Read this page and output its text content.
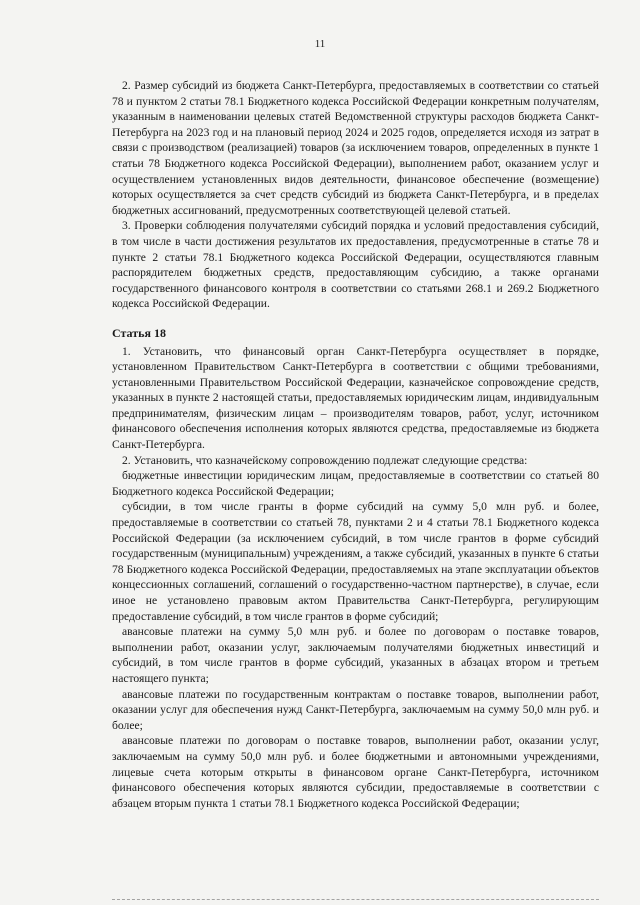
11

2. Размер субсидий из бюджета Санкт-Петербурга, предоставляемых в соответствии со статьей 78 и пунктом 2 статьи 78.1 Бюджетного кодекса Российской Федерации конкретным получателям, указанным в наименовании целевых статей Ведомственной структуры расходов бюджета Санкт-Петербурга на 2023 год и на плановый период 2024 и 2025 годов, определяется исходя из затрат в связи с производством (реализацией) товаров (за исключением товаров, определенных в пункте 1 статьи 78 Бюджетного кодекса Российской Федерации), выполнением работ, оказанием услуг и осуществлением установленных видов деятельности, финансовое обеспечение (возмещение) которых осуществляется за счет средств субсидий из бюджета Санкт-Петербурга, и в пределах бюджетных ассигнований, предусмотренных соответствующей целевой статьей.

3. Проверки соблюдения получателями субсидий порядка и условий предоставления субсидий, в том числе в части достижения результатов их предоставления, предусмотренные в статье 78 и пункте 2 статьи 78.1 Бюджетного кодекса Российской Федерации, осуществляются главным распорядителем бюджетных средств, предоставляющим субсидию, а также органами государственного финансового контроля в соответствии со статьями 268.1 и 269.2 Бюджетного кодекса Российской Федерации.

Статья 18

1. Установить, что финансовый орган Санкт-Петербурга осуществляет в порядке, установленном Правительством Санкт-Петербурга в соответствии с общими требованиями, установленными Правительством Российской Федерации, казначейское сопровождение средств, указанных в пункте 2 настоящей статьи, предоставляемых юридическим лицам, индивидуальным предпринимателям, физическим лицам – производителям товаров, работ, услуг, источником финансового обеспечения исполнения которых являются средства, предоставляемые из бюджета Санкт-Петербурга.

2. Установить, что казначейскому сопровождению подлежат следующие средства:

бюджетные инвестиции юридическим лицам, предоставляемые в соответствии со статьей 80 Бюджетного кодекса Российской Федерации;

субсидии, в том числе гранты в форме субсидий на сумму 5,0 млн руб. и более, предоставляемые в соответствии со статьей 78, пунктами 2 и 4 статьи 78.1 Бюджетного кодекса Российской Федерации (за исключением субсидий, в том числе грантов в форме субсидий государственным (муниципальным) учреждениям, а также субсидий, указанных в пункте 6 статьи 78 Бюджетного кодекса Российской Федерации, предоставляемых на этапе эксплуатации объектов концессионных соглашений, соглашений о государственно-частном партнерстве), в случае, если иное не установлено правовым актом Правительства Санкт-Петербурга, регулирующим предоставление субсидий, в том числе грантов в форме субсидий;

авансовые платежи на сумму 5,0 млн руб. и более по договорам о поставке товаров, выполнении работ, оказании услуг, заключаемым получателями бюджетных инвестиций и субсидий, в том числе грантов в форме субсидий, указанных в абзацах втором и третьем настоящего пункта;

авансовые платежи по государственным контрактам о поставке товаров, выполнении работ, оказании услуг для обеспечения нужд Санкт-Петербурга, заключаемым на сумму 50,0 млн руб. и более;

авансовые платежи по договорам о поставке товаров, выполнении работ, оказании услуг, заключаемым на сумму 50,0 млн руб. и более бюджетными и автономными учреждениями, лицевые счета которым открыты в финансовом органе Санкт-Петербурга, источником финансового обеспечения которых являются субсидии, предоставляемые в соответствии с абзацем вторым пункта 1 статьи 78.1 Бюджетного кодекса Российской Федерации;
